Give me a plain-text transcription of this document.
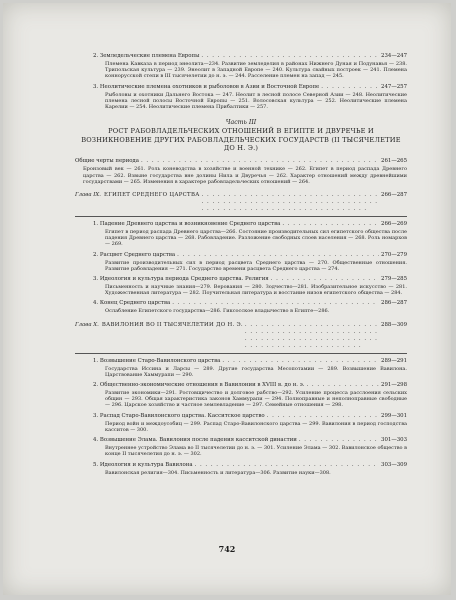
2. Земледельческие племена Европы . . .	234—247
Племена Кавказа в период энеолита—234. Развитие земледелия в районах Нижнего Дуная и Подунавья — 238. Трипольская культура — 239. Энеолит в Западной Европе — 240. Культура свайных построек — 241. Племена коннорусской степи в III тысячелетии до н. э. — 244. Расселение племен на запад — 245.
3. Неолитические племена охотников и рыболовов в Азии и Восточной Европе . . .	247—257
Рыболовы и охотники Дальнего Востока — 247. Неолит в лесной полосе Северной Азии — 248. Неолитические племена лесной полосы Восточной Европы — 251. Волосовская культура — 252. Неолитические племена Карелии — 254. Неолитические племена Прибалтики — 257.
Часть III
РОСТ РАБОВЛАДЕЛЬЧЕСКИХ ОТНОШЕНИЙ В ЕГИПТЕ И ДВУРЕЧЬЕ И ВОЗНИКНОВЕНИЕ ДРУГИХ РАБОВЛАДЕЛЬЧЕСКИХ ГОСУДАРСТВ (II ТЫСЯЧЕЛЕТИЕ ДО Н. Э.)
Общие черты периода . . .	261—265
Бронзовый век — 261. Роль коневодства в хозяйстве и военной технике — 262. Египет в период распада Древнего царства — 262. Взвыне государства вне долины Нила и Двуречья — 262. Характер отношений между древнейшими государствами — 265. Изменения в характере рабовладельческих отношений — 264.
Глава IX. ЕГИПЕТ СРЕДНЕГО ЦАРСТВА . . .	266—287
1. Падение Древнего царства и возникновение Среднего царства . . .	266—269
Египет в период распада Древнего царства—266. Состояние производительных сил египетского общества после падения Древнего царства — 268. Рабовладение. Разложение свободных слоев населения — 268. Роль номархов — 269.
2. Расцвет Среднего царства . . .	270—279
Развитие производительных сил в период расцвета Среднего царства — 270. Общественные отношения. Развитие рабовладения — 271. Государство времени расцвета Среднего царства — 274.
3. Идеология и культура периода Среднего царства. Религия . . .	279—285
Письменность и научные знания—279. Верования — 280. Зодчество—281. Изобразительное искусство — 281. Художественная литература — 282. Поучительная литература и восстание низов египетского общества — 284.
4. Конец Среднего царства . . .	286—287
Ослабление Египетского государства—286. Гиксосское владычество в Египте—286.
Глава X. ВАВИЛОНИЯ ВО II ТЫСЯЧЕЛЕТИИ ДО Н. Э. . . .	288—309
1. Возвышение Старо-Вавилонского царства . . .	289—291
Государства Иссина и Ларсы — 289. Другие государства Месопотамии — 289. Возвышение Вавилона. Царствование Хаммурапи — 290.
2. Общественно-экономические отношения в Вавилонии в XVIII в. до н. э. . . .	291—298
Развитие экономики—291. Ростовщичество и долговое рабство—292. Усиление процесса расслоения сельских общин — 293. Общая характеристика законов Хаммурапи — 294. Полноправные и неполноправные свободные — 296. Царское хозяйство и частное землевладение — 297. Семейные отношения — 298.
3. Распад Старо-Вавилонского царства. Касситское царство . . .	299—301
Период войн и междоусобиц — 299. Распад Старо-Вавилонского царства — 299. Вавилония в период господства касситов — 300.
4. Возвышение Элама. Вавилония после падения касситской династии . . .	301—303
Внутреннее устройство Элама во II тысячелетии до н. э. — 301. Усиление Элама — 302. Вавилонское общество в конце II тысячелетия до н. э. — 302.
5. Идеология и культура Вавилона . . .	303—309
Вавилонская религия—304. Письменность и литература—306. Развитие науки—308.
742
